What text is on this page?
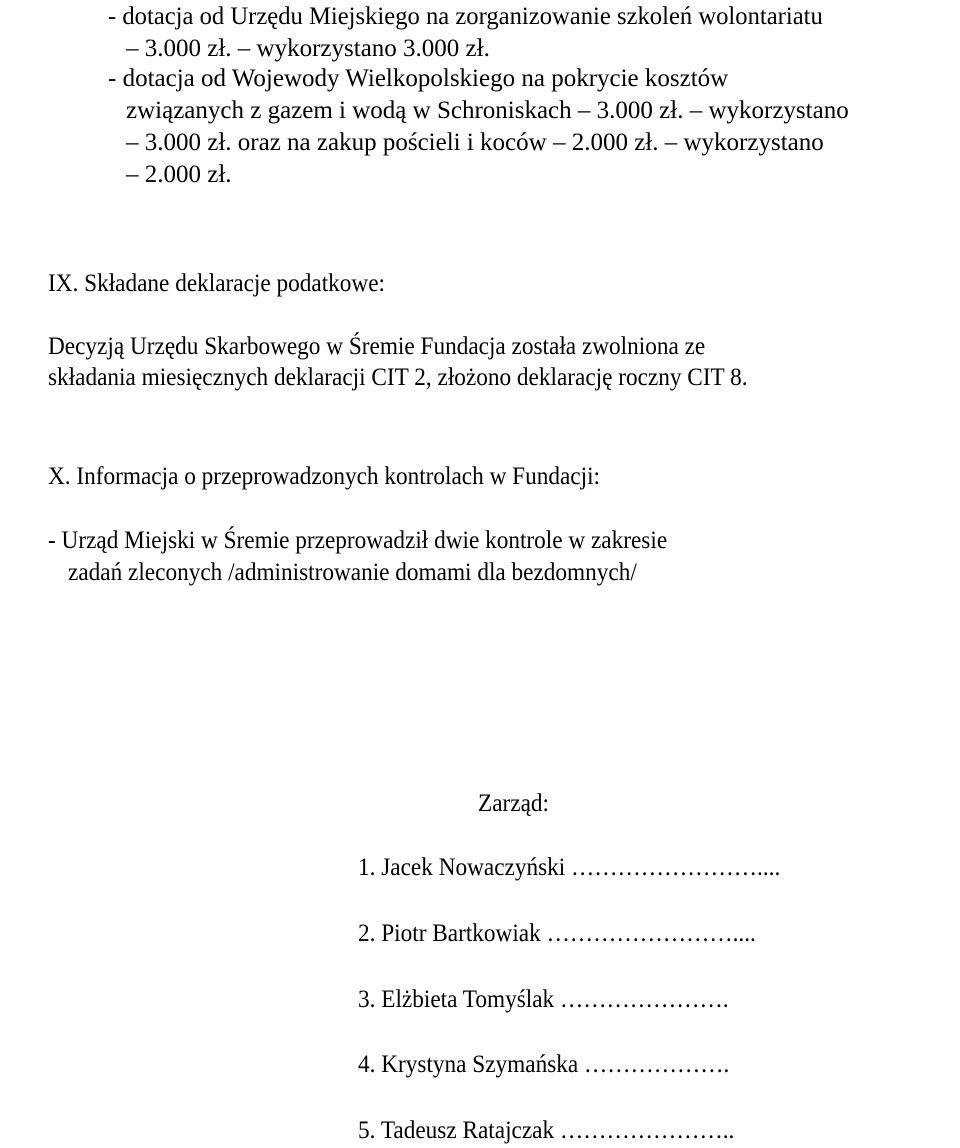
- dotacja od Urzędu Miejskiego na zorganizowanie szkoleń wolontariatu

– 3.000 zł. – wykorzystano 3.000 zł.

- dotacja od Wojewody Wielkopolskiego na pokrycie kosztów

związanych z gazem i wodą w Schroniskach – 3.000 zł. – wykorzystano

– 3.000 zł. oraz na zakup pościeli i koców – 2.000 zł. – wykorzystano

– 2.000 zł.

IX. Składane deklaracje podatkowe:

Decyzją Urzędu Skarbowego w Śremie Fundacja została zwolniona ze

składania miesięcznych deklaracji CIT 2, złożono deklarację roczny CIT 8.

X. Informacja o przeprowadzonych kontrolach w Fundacji:

- Urząd Miejski w Śremie przeprowadził dwie kontrole w zakresie

zadań zleconych /administrowanie domami dla bezdomnych/

Zarząd:

1. Jacek Nowaczyński ……………………....

2. Piotr Bartkowiak ……………………....

3. Elżbieta Tomyślak ………………….

4. Krystyna Szymańska ……………….

5. Tadeusz Ratajczak …………………..
